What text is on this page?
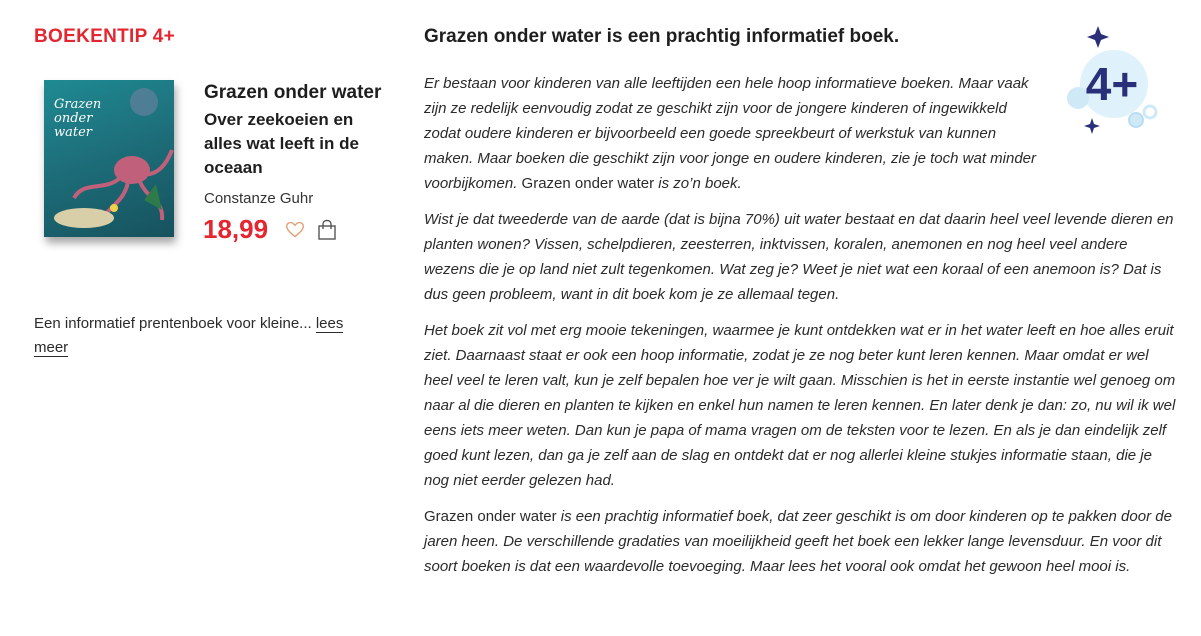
BOEKENTIP 4+
Grazen
onder water
Grazen onder water
Over zeekoeien en alles wat leeft in de oceaan
Constanze Guhr
18,99
Een informatief prentenboek voor kleine... lees meer
Grazen onder water is een prachtig informatief boek.

Er bestaan voor kinderen van alle leeftijden een hele hoop informatieve boeken. Maar vaak zijn ze redelijk eenvoudig zodat ze geschikt zijn voor de jongere kinderen of ingewikkeld zodat oudere kinderen er bijvoorbeeld een goede spreekbeurt of werkstuk van kunnen maken. Maar boeken die geschikt zijn voor jonge en oudere kinderen, zie je toch wat minder voorbijkomen. Grazen onder water is zo’n boek.

Wist je dat tweederde van de aarde (dat is bijna 70%) uit water bestaat en dat daarin heel veel levende dieren en planten wonen? Vissen, schelpdieren, zeesterren, inktvissen, koralen, anemonen en nog heel veel andere wezens die je op land niet zult tegenkomen. Wat zeg je? Weet je niet wat een koraal of een anemoon is? Dat is dus geen probleem, want in dit boek kom je ze allemaal tegen.

Het boek zit vol met erg mooie tekeningen, waarmee je kunt ontdekken wat er in het water leeft en hoe alles eruit ziet. Daarnaast staat er ook een hoop informatie, zodat je ze nog beter kunt leren kennen. Maar omdat er wel heel veel te leren valt, kun je zelf bepalen hoe ver je wilt gaan. Misschien is het in eerste instantie wel genoeg om naar al die dieren en planten te kijken en enkel hun namen te leren kennen. En later denk je dan: zo, nu wil ik wel eens iets meer weten. Dan kun je papa of mama vragen om de teksten voor te lezen. En als je dan eindelijk zelf goed kunt lezen, dan ga je zelf aan de slag en ontdekt dat er nog allerlei kleine stukjes informatie staan, die je nog niet eerder gelezen had.

Grazen onder water is een prachtig informatief boek, dat zeer geschikt is om door kinderen op te pakken door de jaren heen. De verschillende gradaties van moeilijkheid geeft het boek een lekker lange levensduur. En voor dit soort boeken is dat een waardevolle toevoeging. Maar lees het vooral ook omdat het gewoon heel mooi is.

4+
